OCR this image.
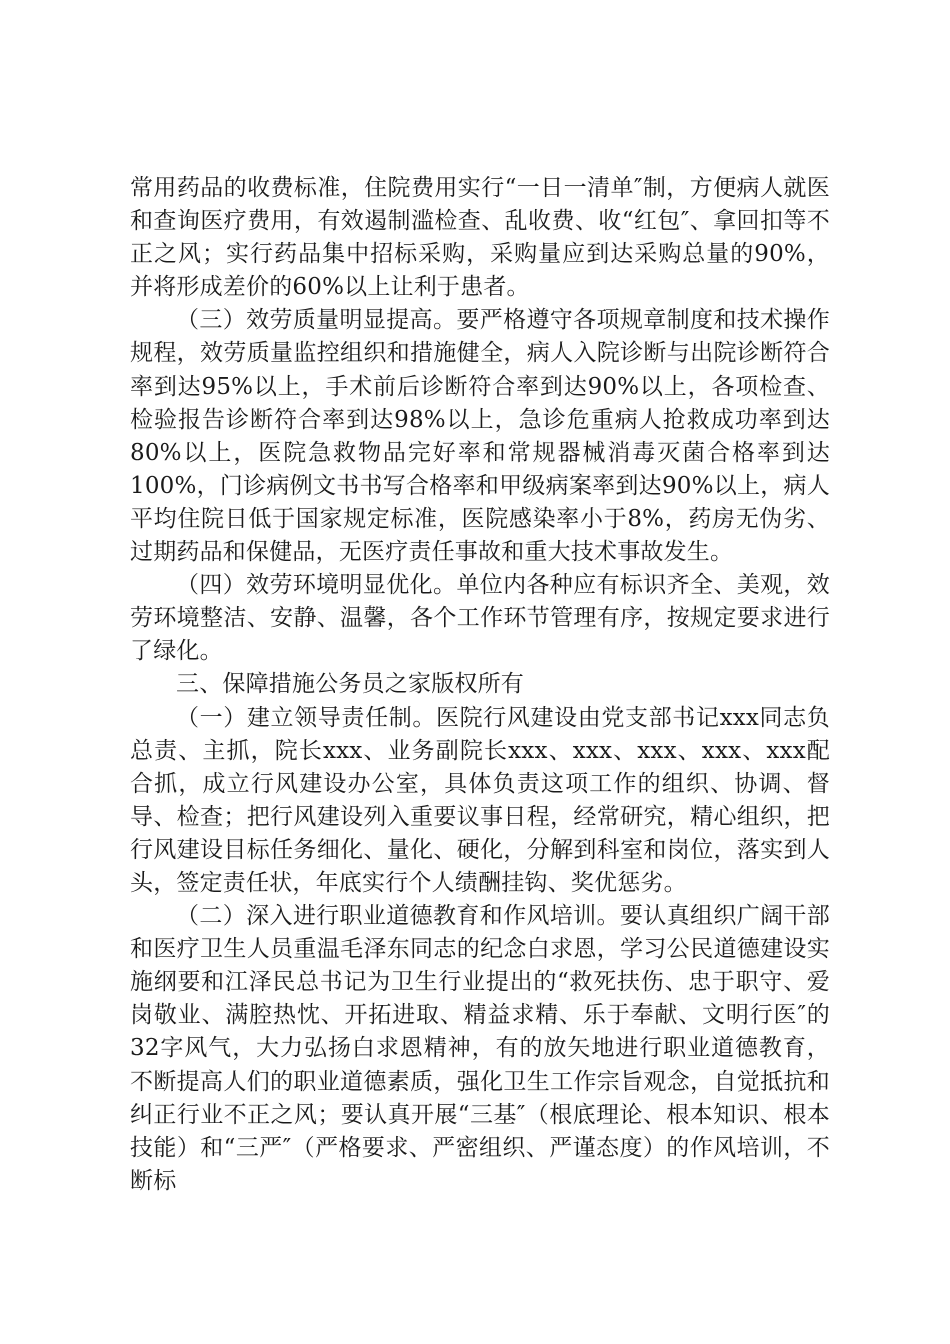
常用药品的收费标准，住院费用实行“一日一清单″制，方便病人就医和查询医疗费用，有效遏制滥检查、乱收费、收“红包″、拿回扣等不正之风；实行药品集中招标采购，采购量应到达采购总量的90%，并将形成差价的60%以上让利于患者。

（三）效劳质量明显提高。要严格遵守各项规章制度和技术操作规程，效劳质量监控组织和措施健全，病人入院诊断与出院诊断符合率到达95%以上，手术前后诊断符合率到达90%以上，各项检查、检验报告诊断符合率到达98%以上，急诊危重病人抢救成功率到达80%以上，医院急救物品完好率和常规器械消毒灭菌合格率到达100%，门诊病例文书书写合格率和甲级病案率到达90%以上，病人平均住院日低于国家规定标准，医院感染率小于8%，药房无伪劣、过期药品和保健品，无医疗责任事故和重大技术事故发生。

（四）效劳环境明显优化。单位内各种应有标识齐全、美观，效劳环境整洁、安静、温馨，各个工作环节管理有序，按规定要求进行了绿化。

三、保障措施公务员之家版权所有

（一）建立领导责任制。医院行风建设由党支部书记xxx同志负总责、主抓，院长xxx、业务副院长xxx、xxx、xxx、xxx、xxx配合抓，成立行风建设办公室，具体负责这项工作的组织、协调、督导、检查；把行风建设列入重要议事日程，经常研究，精心组织，把行风建设目标任务细化、量化、硬化，分解到科室和岗位，落实到人头，签定责任状，年底实行个人绩酬挂钩、奖优惩劣。

（二）深入进行职业道德教育和作风培训。要认真组织广阔干部和医疗卫生人员重温毛泽东同志的纪念白求恩，学习公民道德建设实施纲要和江泽民总书记为卫生行业提出的“救死扶伤、忠于职守、爱岗敬业、满腔热忱、开拓进取、精益求精、乐于奉献、文明行医″的32字风气，大力弘扬白求恩精神，有的放矢地进行职业道德教育，不断提高人们的职业道德素质，强化卫生工作宗旨观念，自觉抵抗和纠正行业不正之风；要认真开展“三基″（根底理论、根本知识、根本技能）和“三严″（严格要求、严密组织、严谨态度）的作风培训，不断标
